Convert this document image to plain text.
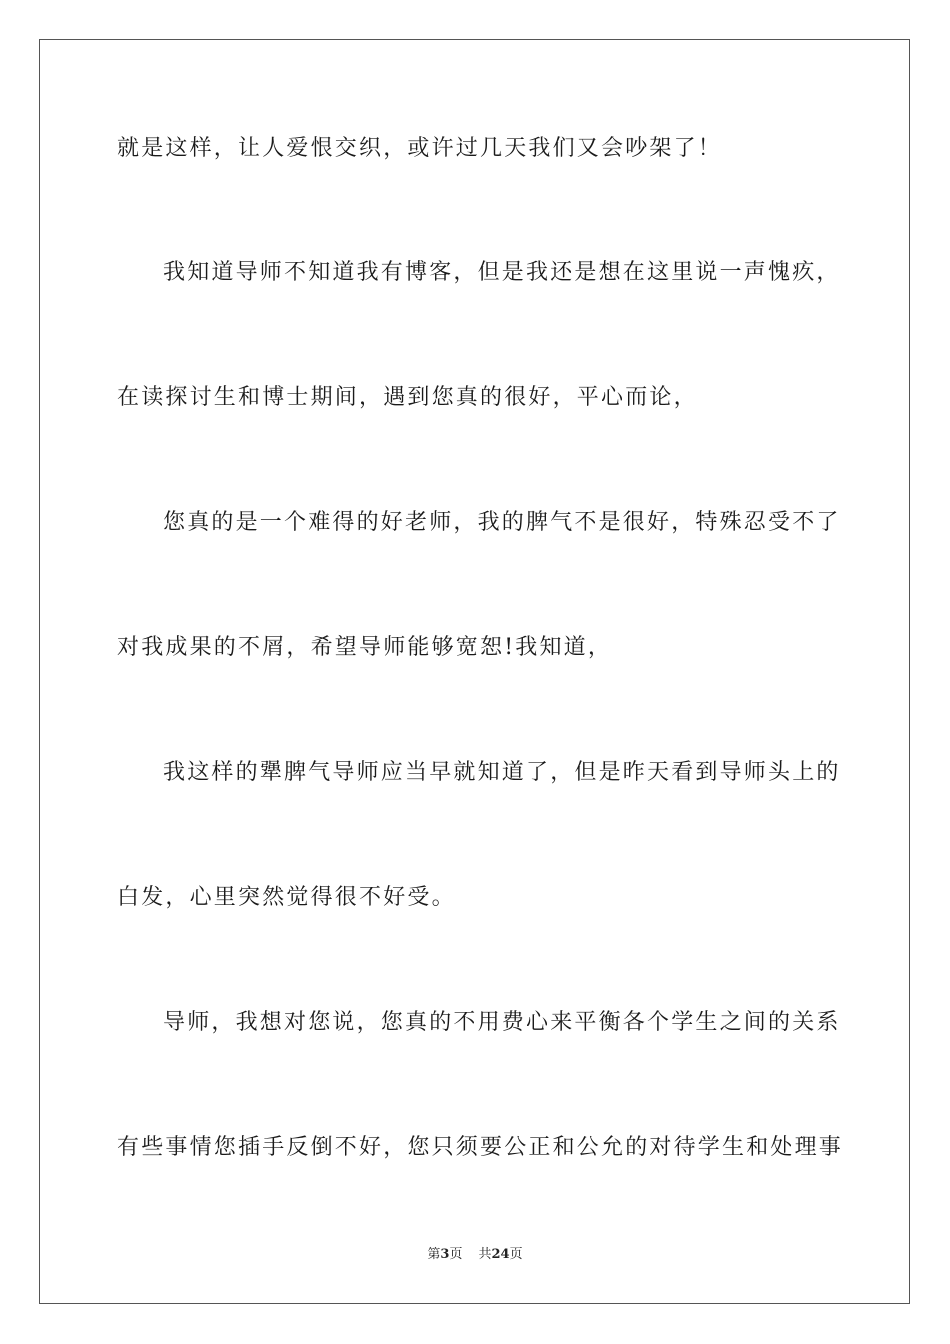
就是这样，让人爱恨交织，或许过几天我们又会吵架了！
我知道导师不知道我有博客，但是我还是想在这里说一声愧疚，
在读探讨生和博士期间，遇到您真的很好，平心而论，
您真的是一个难得的好老师，我的脾气不是很好，特殊忍受不了
对我成果的不屑，希望导师能够宽恕!我知道，
我这样的犟脾气导师应当早就知道了，但是昨天看到导师头上的
白发，心里突然觉得很不好受。
导师，我想对您说，您真的不用费心来平衡各个学生之间的关系
有些事情您插手反倒不好，您只须要公正和公允的对待学生和处理事
第3页 共24页
